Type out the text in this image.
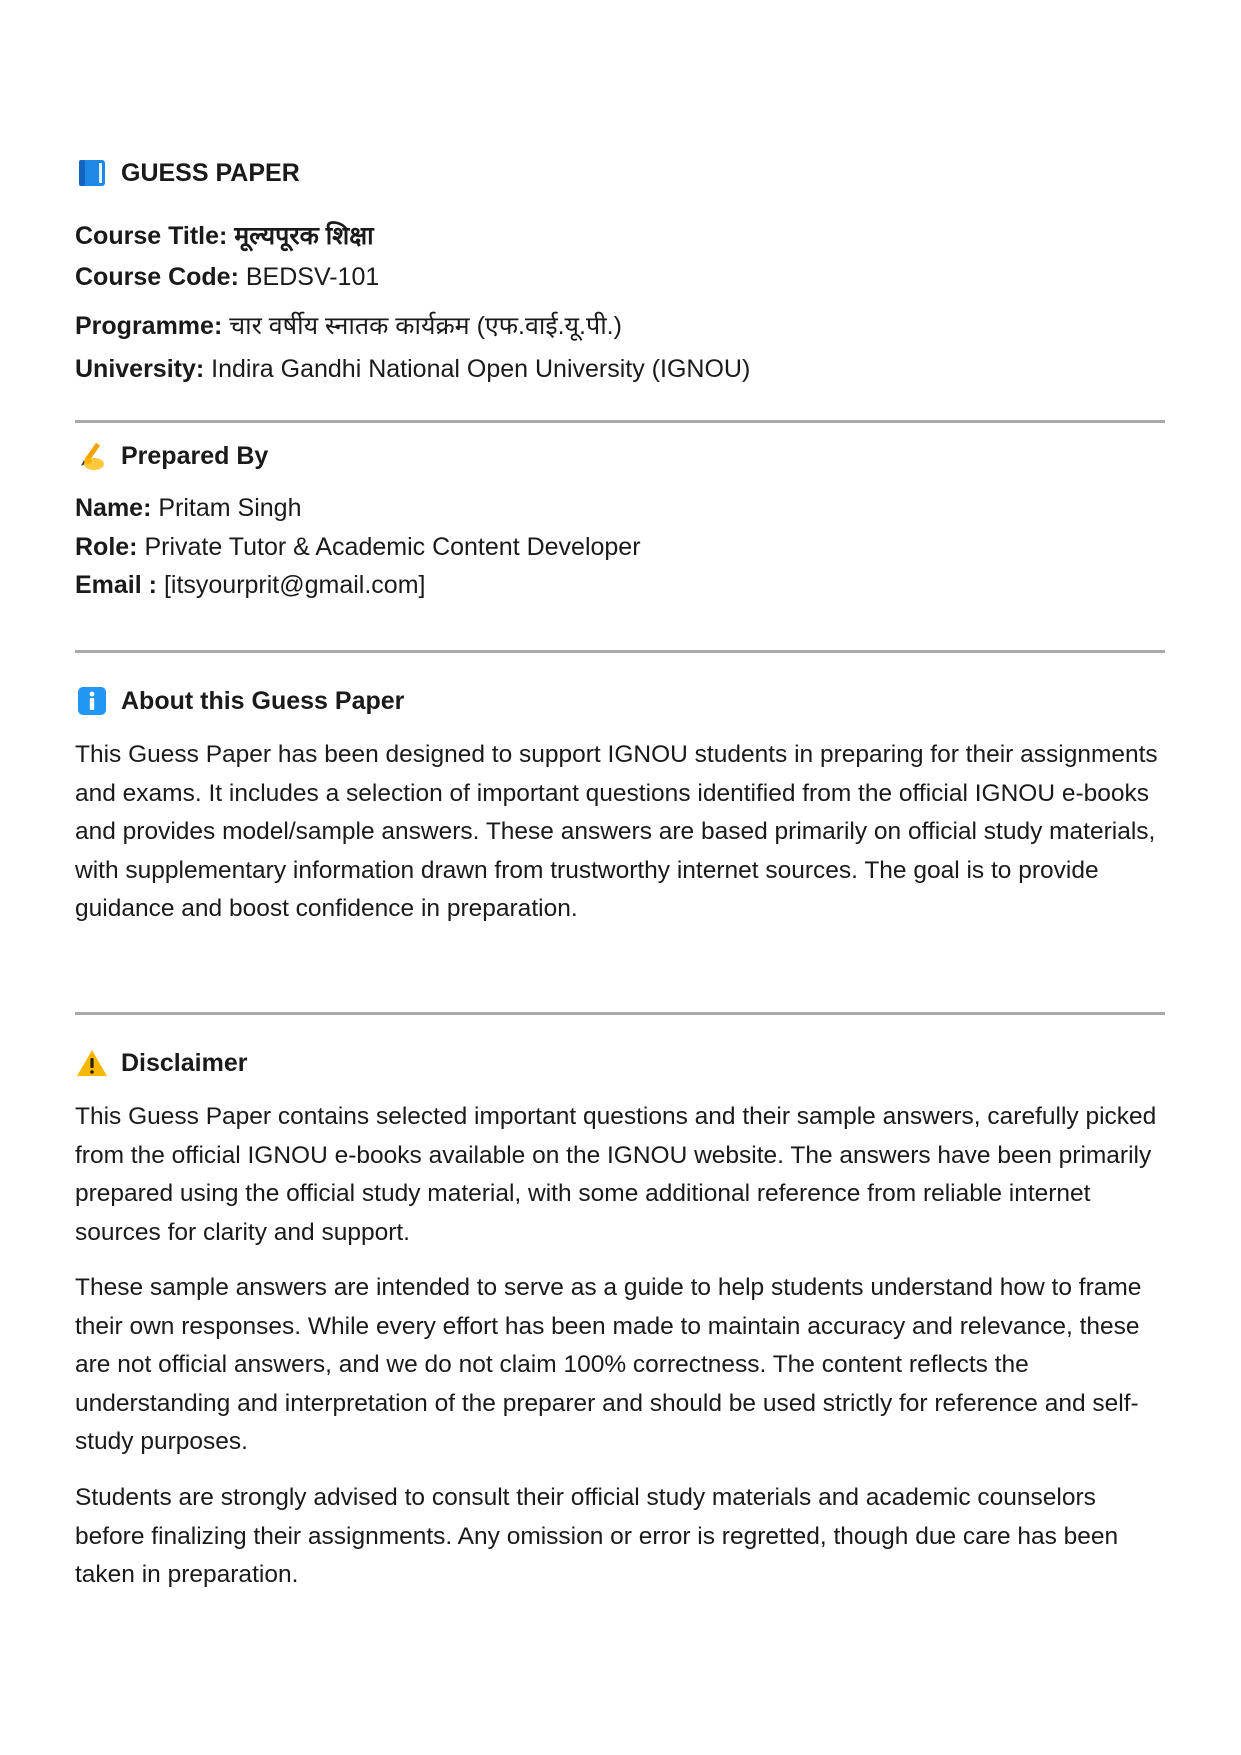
GUESS PAPER
Course Title: मूल्यपूरक शिक्षा
Course Code: BEDSV-101
Programme: चार वर्षीय स्नातक कार्यक्रम (एफ.वाई.यू.पी.)
University: Indira Gandhi National Open University (IGNOU)
Prepared By
Name: Pritam Singh
Role: Private Tutor & Academic Content Developer
Email : [itsyourprit@gmail.com]
About this Guess Paper
This Guess Paper has been designed to support IGNOU students in preparing for their assignments and exams. It includes a selection of important questions identified from the official IGNOU e-books and provides model/sample answers. These answers are based primarily on official study materials, with supplementary information drawn from trustworthy internet sources. The goal is to provide guidance and boost confidence in preparation.
Disclaimer
This Guess Paper contains selected important questions and their sample answers, carefully picked from the official IGNOU e-books available on the IGNOU website. The answers have been primarily prepared using the official study material, with some additional reference from reliable internet sources for clarity and support.
These sample answers are intended to serve as a guide to help students understand how to frame their own responses. While every effort has been made to maintain accuracy and relevance, these are not official answers, and we do not claim 100% correctness. The content reflects the understanding and interpretation of the preparer and should be used strictly for reference and self-study purposes.
Students are strongly advised to consult their official study materials and academic counselors before finalizing their assignments. Any omission or error is regretted, though due care has been taken in preparation.
